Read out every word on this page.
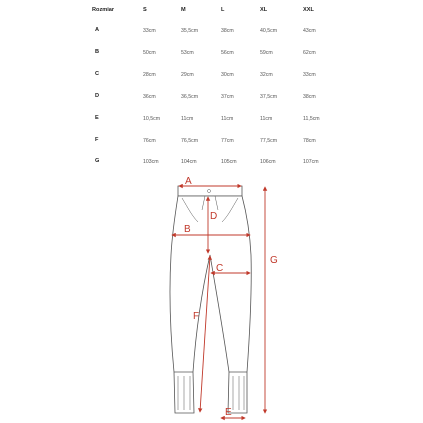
Rozmiar	S	M	L	XL	XXL
A	33cm	35,5cm	38cm	40,5cm	43cm
B	50cm	53cm	56cm	59cm	62cm
C	28cm	29cm	30cm	32cm	33cm
D	36cm	36,5cm	37cm	37,5cm	38cm
E	10,5cm	11cm	11cm	11cm	11,5cm
F	76cm	76,5cm	77cm	77,5cm	78cm
G	103cm	104cm	105cm	106cm	107cm
A
B
C
D
E
F
G
